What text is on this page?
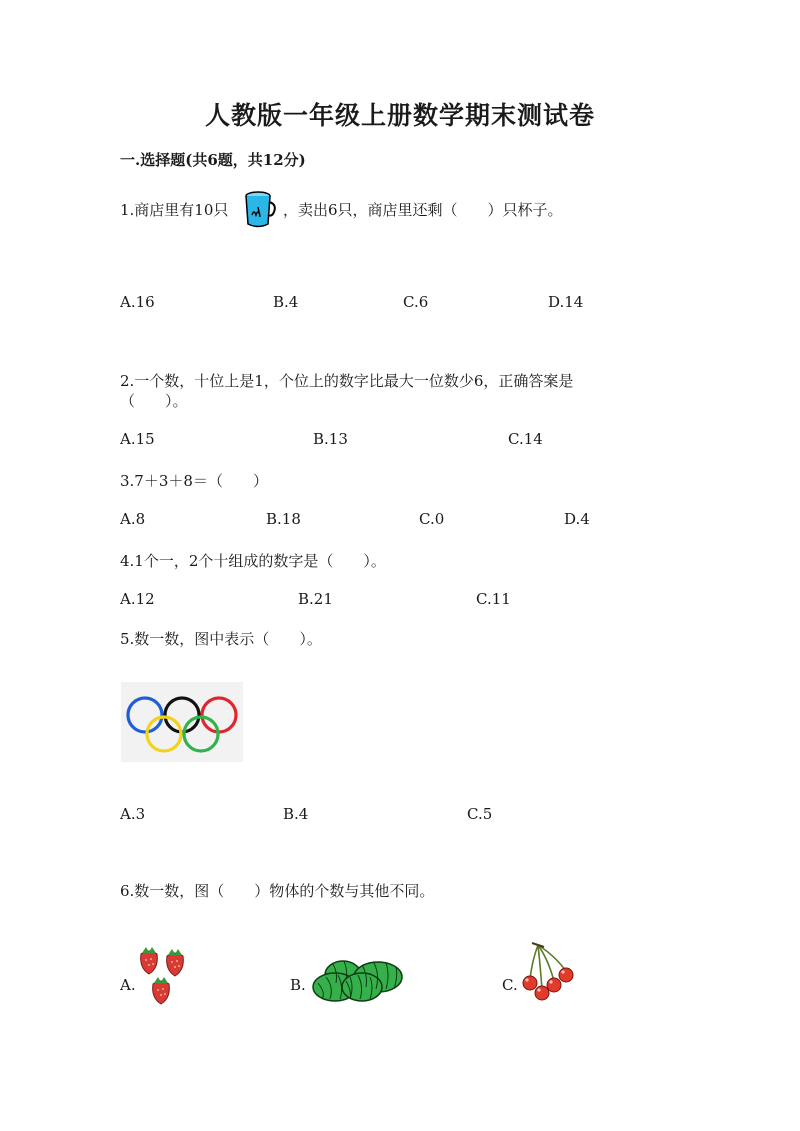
人教版一年级上册数学期末测试卷
一.选择题(共6题，共12分)
1.商店里有10只	，卖出6只，商店里还剩（　　）只杯子。
A.16	B.4	C.6	D.14
2.一个数，十位上是1，个位上的数字比最大一位数少6，正确答案是
（　　）。
A.15	B.13	C.14
3.7＋3＋8＝（　　）
A.8	B.18	C.0	D.4
4.1个一，2个十组成的数字是（　　）。
A.12	B.21	C.11
5.数一数，图中表示（　　）。
A.3	B.4	C.5
6.数一数，图（　　）物体的个数与其他不同。
A.	B.	C.
